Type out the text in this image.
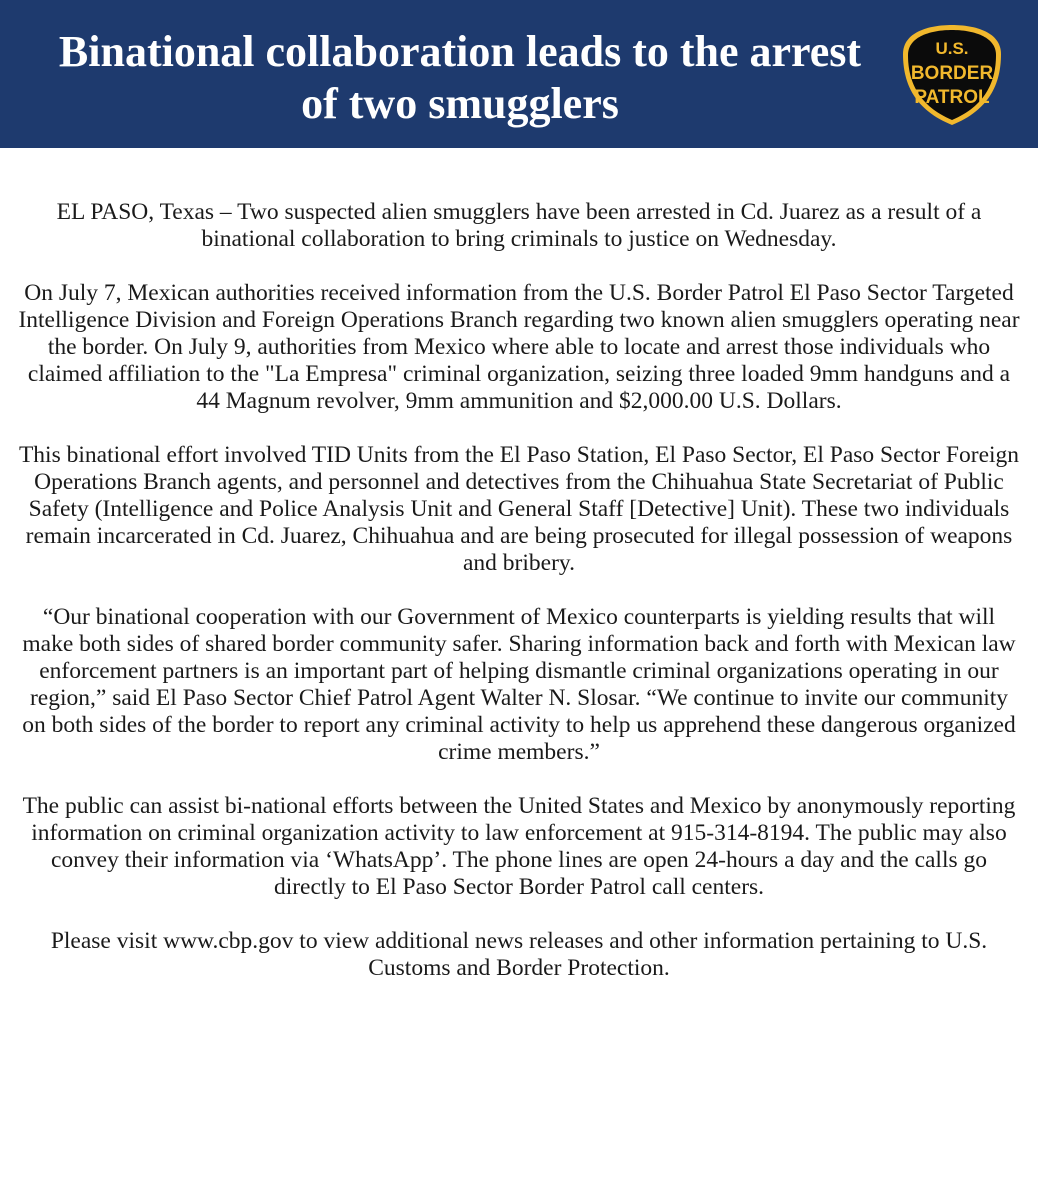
Binational collaboration leads to the arrest of two smugglers
U.S.
BORDER
PATROL

EL PASO, Texas – Two suspected alien smugglers have been arrested in Cd. Juarez as a result of a binational collaboration to bring criminals to justice on Wednesday.

On July 7, Mexican authorities received information from the U.S. Border Patrol El Paso Sector Targeted Intelligence Division and Foreign Operations Branch regarding two known alien smugglers operating near the border. On July 9, authorities from Mexico where able to locate and arrest those individuals who claimed affiliation to the "La Empresa" criminal organization, seizing three loaded 9mm handguns and a 44 Magnum revolver, 9mm ammunition and $2,000.00 U.S. Dollars.

This binational effort involved TID Units from the El Paso Station, El Paso Sector, El Paso Sector Foreign Operations Branch agents, and personnel and detectives from the Chihuahua State Secretariat of Public Safety (Intelligence and Police Analysis Unit and General Staff [Detective] Unit). These two individuals remain incarcerated in Cd. Juarez, Chihuahua and are being prosecuted for illegal possession of weapons and bribery.

“Our binational cooperation with our Government of Mexico counterparts is yielding results that will make both sides of shared border community safer. Sharing information back and forth with Mexican law enforcement partners is an important part of helping dismantle criminal organizations operating in our region,” said El Paso Sector Chief Patrol Agent Walter N. Slosar. “We continue to invite our community on both sides of the border to report any criminal activity to help us apprehend these dangerous organized crime members.”

The public can assist bi-national efforts between the United States and Mexico by anonymously reporting information on criminal organization activity to law enforcement at 915-314-8194. The public may also convey their information via ‘WhatsApp’. The phone lines are open 24-hours a day and the calls go directly to El Paso Sector Border Patrol call centers.

Please visit www.cbp.gov to view additional news releases and other information pertaining to U.S. Customs and Border Protection.
